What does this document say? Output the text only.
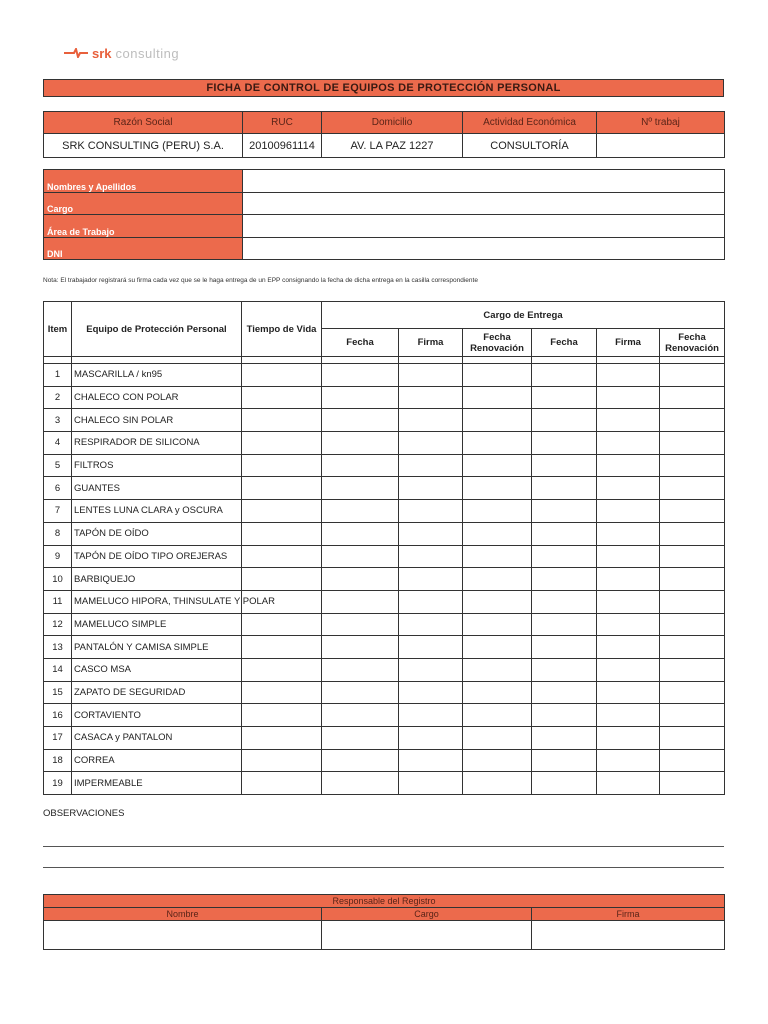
srk consulting
FICHA DE CONTROL DE EQUIPOS DE PROTECCIÓN PERSONAL
Razón Social	RUC	Domicilio	Actividad Económica	Nº trabaj
SRK CONSULTING (PERU) S.A.	20100961114	AV. LA PAZ 1227	CONSULTORÍA	
Nombres y Apellidos	
Cargo	
Área de Trabajo	
DNI	
Nota: El trabajador registrará su firma cada vez que se le haga entrega de un EPP consignando la fecha de dicha entrega en la casilla correspondiente
Item	Equipo de Protección Personal	Tiempo de Vida	Cargo de Entrega					
			Fecha	Firma	Fecha Renovación	Fecha	Firma	Fecha Renovación

1	MASCARILLA / kn95							
2	CHALECO CON POLAR							
3	CHALECO SIN POLAR							
4	RESPIRADOR DE SILICONA							
5	FILTROS							
6	GUANTES							
7	LENTES LUNA CLARA y OSCURA							
8	TAPÓN DE OÍDO							
9	TAPÓN DE OÍDO TIPO OREJERAS							
10	BARBIQUEJO							
11	MAMELUCO HIPORA, THINSULATE Y POLAR							
12	MAMELUCO SIMPLE							
13	PANTALÓN Y CAMISA SIMPLE							
14	CASCO MSA							
15	ZAPATO DE SEGURIDAD							
16	CORTAVIENTO							
17	CASACA y PANTALON							
18	CORREA							
19	IMPERMEABLE							
OBSERVACIONES
Responsable del Registro		
Nombre	Cargo	Firma
